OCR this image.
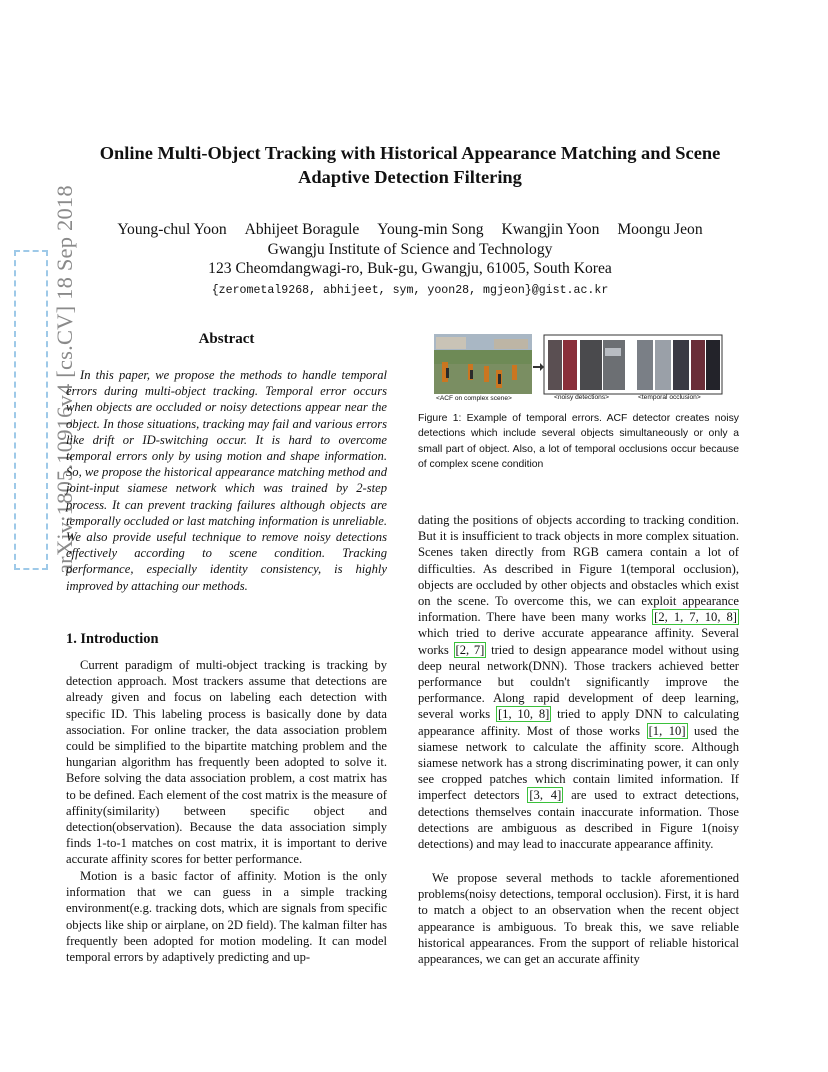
arXiv:1805.10916v4 [cs.CV] 18 Sep 2018
Online Multi-Object Tracking with Historical Appearance Matching and Scene Adaptive Detection Filtering
Young-chul Yoon Abhijeet Boragule Young-min Song Kwangjin Yoon Moongu Jeon
Gwangju Institute of Science and Technology
123 Cheomdangwagi-ro, Buk-gu, Gwangju, 61005, South Korea
{zerometal9268, abhijeet, sym, yoon28, mgjeon}@gist.ac.kr
Abstract
In this paper, we propose the methods to handle temporal errors during multi-object tracking. Temporal error occurs when objects are occluded or noisy detections appear near the object. In those situations, tracking may fail and various errors like drift or ID-switching occur. It is hard to overcome temporal errors only by using motion and shape information. So, we propose the historical appearance matching method and joint-input siamese network which was trained by 2-step process. It can prevent tracking failures although objects are temporally occluded or last matching information is unreliable. We also provide useful technique to remove noisy detections effectively according to scene condition. Tracking performance, especially identity consistency, is highly improved by attaching our methods.
1. Introduction
Current paradigm of multi-object tracking is tracking by detection approach. Most trackers assume that detections are already given and focus on labeling each detection with specific ID. This labeling process is basically done by data association. For online tracker, the data association problem could be simplified to the bipartite matching problem and the hungarian algorithm has frequently been adopted to solve it. Before solving the data association problem, a cost matrix has to be defined. Each element of the cost matrix is the measure of affinity(similarity) between specific object and detection(observation). Because the data association simply finds 1-to-1 matches on cost matrix, it is important to derive accurate affinity scores for better performance.
Motion is a basic factor of affinity. Motion is the only information that we can guess in a simple tracking environment(e.g. tracking dots, which are signals from specific objects like ship or airplane, on 2D field). The kalman filter has frequently been adopted for motion modeling. It can model temporal errors by adaptively predicting and up-
<ACF on complex scene>	<noisy detections>	<temporal occlusion>
Figure 1: Example of temporal errors. ACF detector creates noisy detections which include several objects simultaneously or only a small part of object. Also, a lot of temporal occlusions occur because of complex scene condition
dating the positions of objects according to tracking condition. But it is insufficient to track objects in more complex situation. Scenes taken directly from RGB camera contain a lot of difficulties. As described in Figure 1(temporal occlusion), objects are occluded by other objects and obstacles which exist on the scene. To overcome this, we can exploit appearance information. There have been many works [2, 1, 7, 10, 8] which tried to derive accurate appearance affinity. Several works [2, 7] tried to design appearance model without using deep neural network(DNN). Those trackers achieved better performance but couldn't significantly improve the performance. Along rapid development of deep learning, several works [1, 10, 8] tried to apply DNN to calculating appearance affinity. Most of those works [1, 10] used the siamese network to calculate the affinity score. Although siamese network has a strong discriminating power, it can only see cropped patches which contain limited information. If imperfect detectors [3, 4] are used to extract detections, detections themselves contain inaccurate information. Those detections are ambiguous as described in Figure 1(noisy detections) and may lead to inaccurate appearance affinity.
We propose several methods to tackle aforementioned problems(noisy detections, temporal occlusion). First, it is hard to match a object to an observation when the recent object appearance is ambiguous. To break this, we save reliable historical appearances. From the support of reliable historical appearances, we can get an accurate affinity
